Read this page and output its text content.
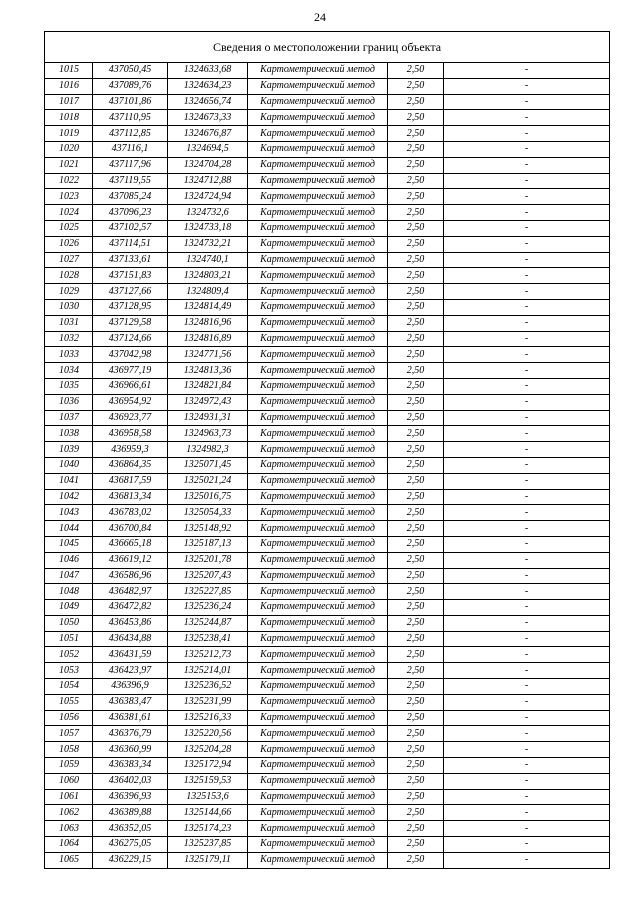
24
Сведения о местоположении границ объекта					
1015	437050,45	1324633,68	Картометрический метод	2,50	-
1016	437089,76	1324634,23	Картометрический метод	2,50	-
1017	437101,86	1324656,74	Картометрический метод	2,50	-
1018	437110,95	1324673,33	Картометрический метод	2,50	-
1019	437112,85	1324676,87	Картометрический метод	2,50	-
1020	437116,1	1324694,5	Картометрический метод	2,50	-
1021	437117,96	1324704,28	Картометрический метод	2,50	-
1022	437119,55	1324712,88	Картометрический метод	2,50	-
1023	437085,24	1324724,94	Картометрический метод	2,50	-
1024	437096,23	1324732,6	Картометрический метод	2,50	-
1025	437102,57	1324733,18	Картометрический метод	2,50	-
1026	437114,51	1324732,21	Картометрический метод	2,50	-
1027	437133,61	1324740,1	Картометрический метод	2,50	-
1028	437151,83	1324803,21	Картометрический метод	2,50	-
1029	437127,66	1324809,4	Картометрический метод	2,50	-
1030	437128,95	1324814,49	Картометрический метод	2,50	-
1031	437129,58	1324816,96	Картометрический метод	2,50	-
1032	437124,66	1324816,89	Картометрический метод	2,50	-
1033	437042,98	1324771,56	Картометрический метод	2,50	-
1034	436977,19	1324813,36	Картометрический метод	2,50	-
1035	436966,61	1324821,84	Картометрический метод	2,50	-
1036	436954,92	1324972,43	Картометрический метод	2,50	-
1037	436923,77	1324931,31	Картометрический метод	2,50	-
1038	436958,58	1324963,73	Картометрический метод	2,50	-
1039	436959,3	1324982,3	Картометрический метод	2,50	-
1040	436864,35	1325071,45	Картометрический метод	2,50	-
1041	436817,59	1325021,24	Картометрический метод	2,50	-
1042	436813,34	1325016,75	Картометрический метод	2,50	-
1043	436783,02	1325054,33	Картометрический метод	2,50	-
1044	436700,84	1325148,92	Картометрический метод	2,50	-
1045	436665,18	1325187,13	Картометрический метод	2,50	-
1046	436619,12	1325201,78	Картометрический метод	2,50	-
1047	436586,96	1325207,43	Картометрический метод	2,50	-
1048	436482,97	1325227,85	Картометрический метод	2,50	-
1049	436472,82	1325236,24	Картометрический метод	2,50	-
1050	436453,86	1325244,87	Картометрический метод	2,50	-
1051	436434,88	1325238,41	Картометрический метод	2,50	-
1052	436431,59	1325212,73	Картометрический метод	2,50	-
1053	436423,97	1325214,01	Картометрический метод	2,50	-
1054	436396,9	1325236,52	Картометрический метод	2,50	-
1055	436383,47	1325231,99	Картометрический метод	2,50	-
1056	436381,61	1325216,33	Картометрический метод	2,50	-
1057	436376,79	1325220,56	Картометрический метод	2,50	-
1058	436360,99	1325204,28	Картометрический метод	2,50	-
1059	436383,34	1325172,94	Картометрический метод	2,50	-
1060	436402,03	1325159,53	Картометрический метод	2,50	-
1061	436396,93	1325153,6	Картометрический метод	2,50	-
1062	436389,88	1325144,66	Картометрический метод	2,50	-
1063	436352,05	1325174,23	Картометрический метод	2,50	-
1064	436275,05	1325237,85	Картометрический метод	2,50	-
1065	436229,15	1325179,11	Картометрический метод	2,50	-
